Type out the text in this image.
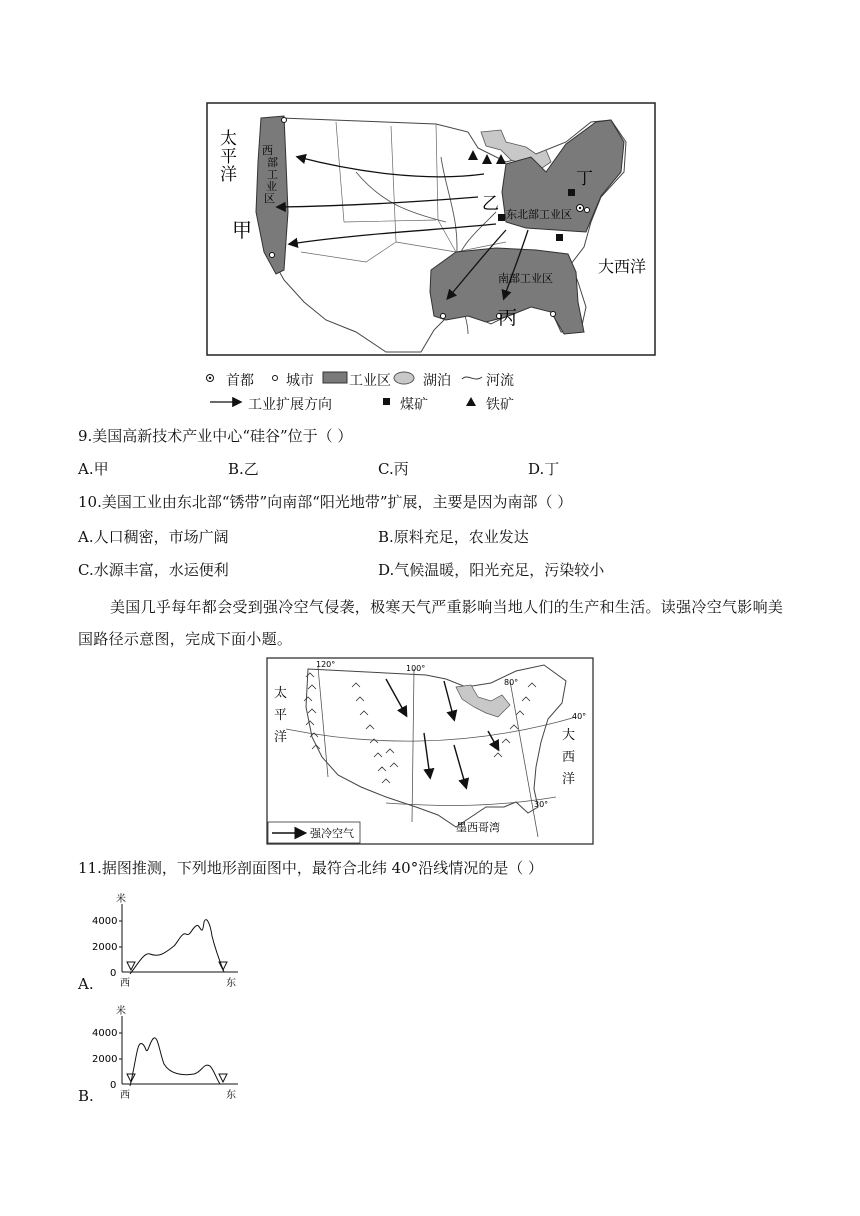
太
平
洋
西
部
工
业
区
甲
乙
丙
丁
东北部工业区
南部工业区
大西洋
首都 城市	工业区 湖泊	河流
工业扩展方向	煤矿	铁矿
9.美国高新技术产业中心“硅谷”位于（ ）
A.甲	B.乙	C.丙	D.丁
10.美国工业由东北部“锈带”向南部“阳光地带”扩展，主要是因为南部（ ）
A.人口稠密，市场广阔	B.原料充足，农业发达
C.水源丰富，水运便利	D.气候温暖，阳光充足，污染较小
美国几乎每年都会受到强冷空气侵袭，极寒天气严重影响当地人们的生产和生活。读强冷空气影响美国路径示意图，完成下面小题。
120°	100°
80°
40°
30°
太
平
洋	大
西
洋
墨西哥湾
强冷空气
11.据图推测，下列地形剖面图中，最符合北纬 40°沿线情况的是（ ）
米
4000
2000
0
西	东
A.
米
4000
2000
0
西	东
B.
